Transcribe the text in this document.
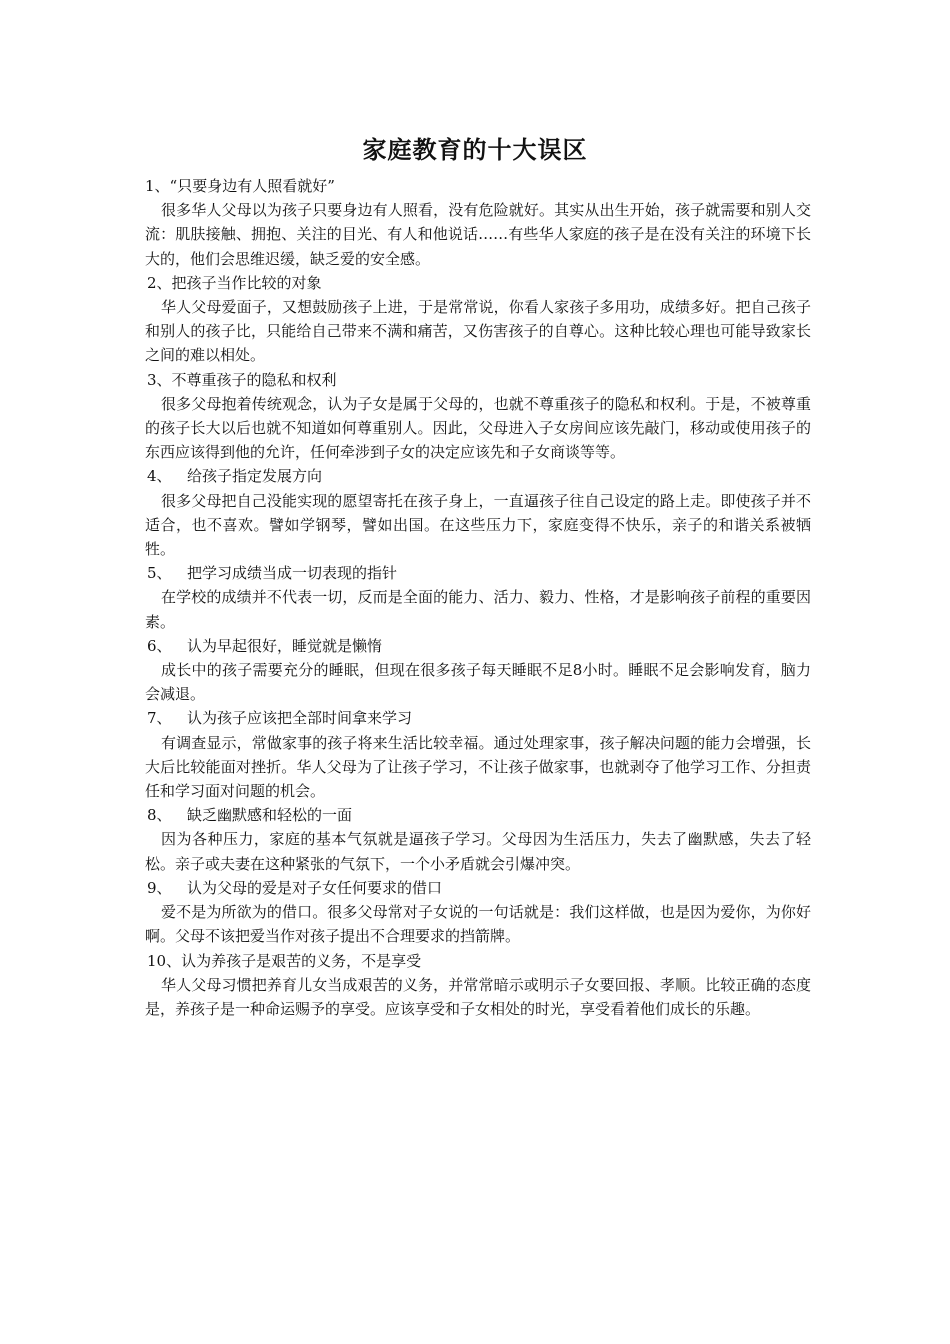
家庭教育的十大误区
1、 “只要身边有人照看就好”
很多华人父母以为孩子只要身边有人照看，没有危险就好。其实从出生开始，孩子就需要和别人交流：肌肤接触、拥抱、关注的目光、有人和他说话……有些华人家庭的孩子是在没有关注的环境下长大的，他们会思维迟缓，缺乏爱的安全感。
2、 把孩子当作比较的对象
华人父母爱面子，又想鼓励孩子上进，于是常常说，你看人家孩子多用功，成绩多好。把自己孩子和别人的孩子比，只能给自己带来不满和痛苦，又伤害孩子的自尊心。这种比较心理也可能导致家长之间的难以相处。
3、 不尊重孩子的隐私和权利
很多父母抱着传统观念，认为子女是属于父母的，也就不尊重孩子的隐私和权利。于是，不被尊重的孩子长大以后也就不知道如何尊重别人。因此，父母进入子女房间应该先敲门，移动或使用孩子的东西应该得到他的允许，任何牵涉到子女的决定应该先和子女商谈等等。
4、	给孩子指定发展方向
很多父母把自己没能实现的愿望寄托在孩子身上，一直逼孩子往自己设定的路上走。即使孩子并不适合，也不喜欢。譬如学钢琴，譬如出国。在这些压力下，家庭变得不快乐，亲子的和谐关系被牺牲。
5、	把学习成绩当成一切表现的指针
在学校的成绩并不代表一切，反而是全面的能力、活力、毅力、性格，才是影响孩子前程的重要因素。
6、	认为早起很好，睡觉就是懒惰
成长中的孩子需要充分的睡眠，但现在很多孩子每天睡眠不足8小时。睡眠不足会影响发育，脑力会减退。
7、	认为孩子应该把全部时间拿来学习
有调查显示，常做家事的孩子将来生活比较幸福。通过处理家事，孩子解决问题的能力会增强，长大后比较能面对挫折。华人父母为了让孩子学习，不让孩子做家事，也就剥夺了他学习工作、分担责任和学习面对问题的机会。
8、	缺乏幽默感和轻松的一面
因为各种压力，家庭的基本气氛就是逼孩子学习。父母因为生活压力，失去了幽默感，失去了轻松。亲子或夫妻在这种紧张的气氛下，一个小矛盾就会引爆冲突。
9、	认为父母的爱是对子女任何要求的借口
爱不是为所欲为的借口。很多父母常对子女说的一句话就是：我们这样做，也是因为爱你，为你好啊。父母不该把爱当作对孩子提出不合理要求的挡箭牌。
10、 认为养孩子是艰苦的义务，不是享受
华人父母习惯把养育儿女当成艰苦的义务，并常常暗示或明示子女要回报、孝顺。比较正确的态度是，养孩子是一种命运赐予的享受。应该享受和子女相处的时光，享受看着他们成长的乐趣。
